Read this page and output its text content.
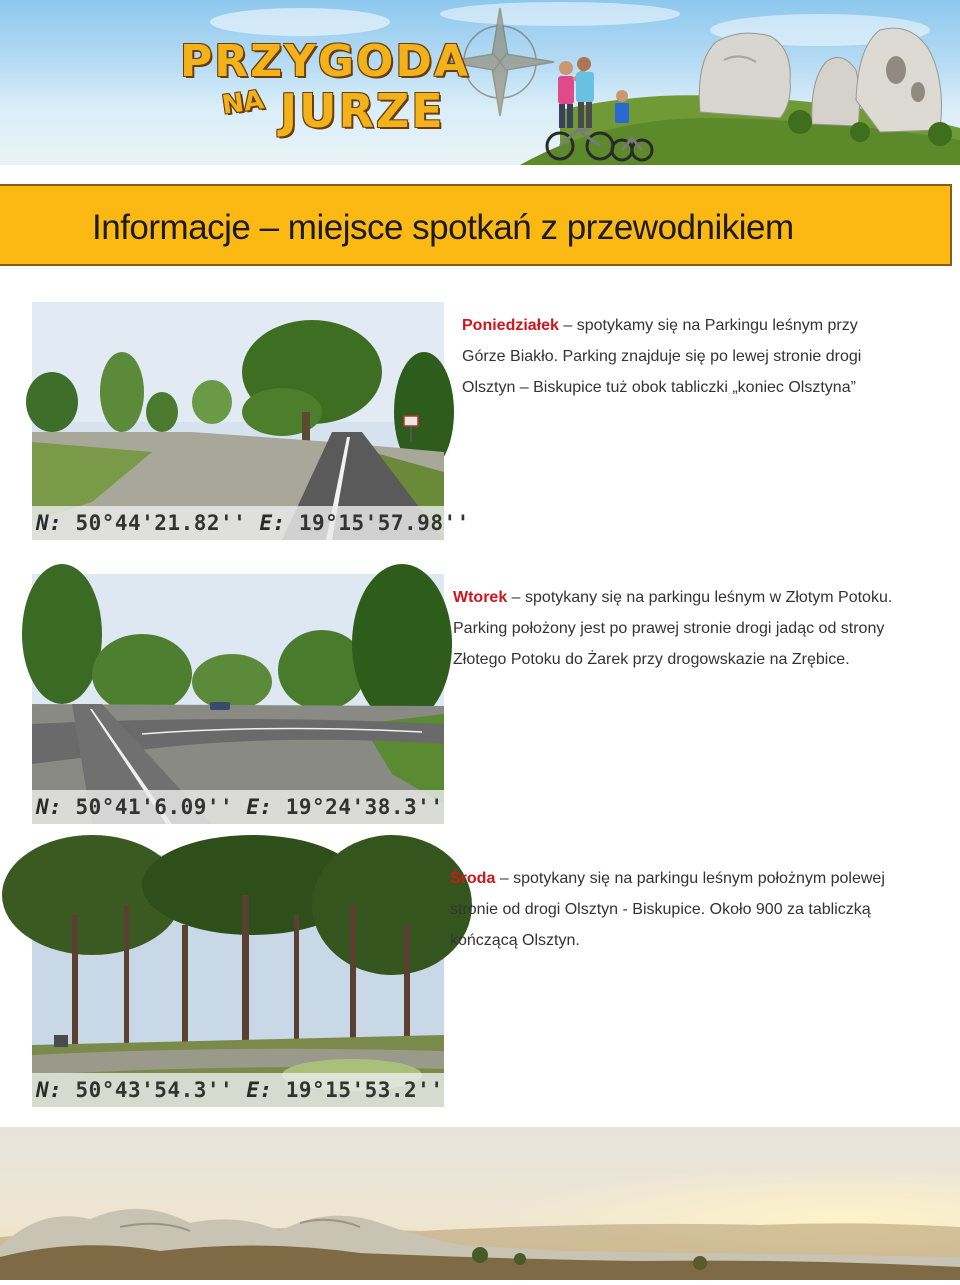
PRZYGODA
NA JURZE
Informacje – miejsce spotkań z przewodnikiem
N: 50°44'21.82'' E: 19°15'57.98''
Poniedziałek – spotykamy się na Parkingu leśnym przy
Górze Biakło. Parking znajduje się po lewej stronie drogi
Olsztyn – Biskupice tuż obok tabliczki „koniec Olsztyna”
N: 50°41'6.09'' E: 19°24'38.3''
Wtorek – spotykany się na parkingu leśnym w Złotym Potoku.
Parking położony jest po prawej stronie drogi jadąc od strony
Złotego Potoku do Żarek przy drogowskazie na Zrębice.
N: 50°43'54.3'' E: 19°15'53.2''
Środa – spotykany się na parkingu leśnym położnym polewej
stronie od drogi Olsztyn - Biskupice. Około 900 za tabliczką
kończącą Olsztyn.
